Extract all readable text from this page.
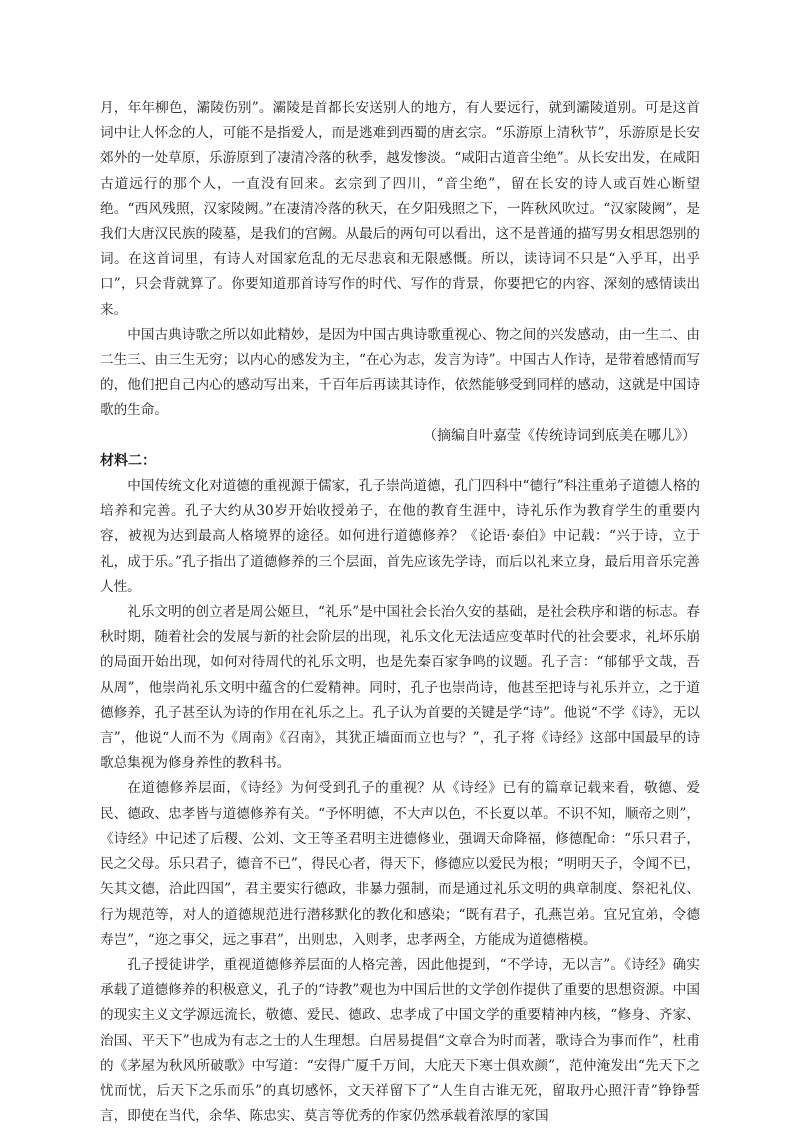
月，年年柳色，灞陵伤别”。灞陵是首都长安送别人的地方，有人要远行，就到灞陵道别。可是这首词中让人怀念的人，可能不是指爱人，而是逃难到西蜀的唐玄宗。“乐游原上清秋节”，乐游原是长安郊外的一处草原，乐游原到了凄清冷落的秋季，越发惨淡。“咸阳古道音尘绝”。从长安出发，在咸阳古道远行的那个人，一直没有回来。玄宗到了四川，“音尘绝”，留在长安的诗人或百姓心断望绝。“西风残照，汉家陵阙。”在凄清冷落的秋天，在夕阳残照之下，一阵秋风吹过。“汉家陵阙”，是我们大唐汉民族的陵墓，是我们的宫阙。从最后的两句可以看出，这不是普通的描写男女相思怨别的词。在这首词里，有诗人对国家危乱的无尽悲哀和无限感慨。所以，读诗词不只是“入乎耳，出乎口”，只会背就算了。你要知道那首诗写作的时代、写作的背景，你要把它的内容、深刻的感情读出来。

中国古典诗歌之所以如此精妙，是因为中国古典诗歌重视心、物之间的兴发感动，由一生二、由二生三、由三生无穷；以内心的感发为主，“在心为志，发言为诗”。中国古人作诗，是带着感情而写的，他们把自己内心的感动写出来，千百年后再读其诗作，依然能够受到同样的感动，这就是中国诗歌的生命。

（摘编自叶嘉莹《传统诗词到底美在哪儿》）

材料二：

中国传统文化对道德的重视源于儒家，孔子崇尚道德，孔门四科中“德行”科注重弟子道德人格的培养和完善。孔子大约从30岁开始收授弟子，在他的教育生涯中，诗礼乐作为教育学生的重要内容，被视为达到最高人格境界的途径。如何进行道德修养？《论语·泰伯》中记载：“兴于诗，立于礼，成于乐。”孔子指出了道德修养的三个层面，首先应该先学诗，而后以礼来立身，最后用音乐完善人性。

礼乐文明的创立者是周公姬旦，“礼乐”是中国社会长治久安的基础，是社会秩序和谐的标志。春秋时期，随着社会的发展与新的社会阶层的出现，礼乐文化无法适应变革时代的社会要求，礼坏乐崩的局面开始出现，如何对待周代的礼乐文明，也是先秦百家争鸣的议题。孔子言：“郁郁乎文哉，吾从周”，他崇尚礼乐文明中蕴含的仁爱精神。同时，孔子也崇尚诗，他甚至把诗与礼乐并立，之于道德修养，孔子甚至认为诗的作用在礼乐之上。孔子认为首要的关键是学“诗”。他说“不学《诗》，无以言”，他说“人而不为《周南》《召南》，其犹正墙面而立也与？”，孔子将《诗经》这部中国最早的诗歌总集视为修身养性的教科书。

在道德修养层面，《诗经》为何受到孔子的重视？从《诗经》已有的篇章记载来看，敬德、爱民、德政、忠孝皆与道德修养有关。“予怀明德，不大声以色，不长夏以革。不识不知，顺帝之则”，《诗经》中记述了后稷、公刘、文王等圣君明主进德修业，强调天命降福，修德配命：“乐只君子，民之父母。乐只君子，德音不已”，得民心者，得天下，修德应以爱民为根；“明明天子，令闻不已，矢其文德，洽此四国”，君主要实行德政，非暴力强制，而是通过礼乐文明的典章制度、祭祀礼仪、行为规范等，对人的道德规范进行潜移默化的教化和感染；“既有君子，孔燕岂弟。宜兄宜弟，令德寿岂”，“迩之事父，远之事君”，出则忠，入则孝，忠孝两全，方能成为道德楷模。

孔子授徒讲学，重视道德修养层面的人格完善，因此他提到，“不学诗，无以言”。《诗经》确实承载了道德修养的积极意义，孔子的“诗教”观也为中国后世的文学创作提供了重要的思想资源。中国的现实主义文学源远流长，敬德、爱民、德政、忠孝成了中国文学的重要精神内核，“修身、齐家、治国、平天下”也成为有志之士的人生理想。白居易提倡“文章合为时而著，歌诗合为事而作”，杜甫的《茅屋为秋风所破歌》中写道：“安得广厦千万间，大庇天下寒士俱欢颜”，范仲淹发出“先天下之忧而忧，后天下之乐而乐”的真切感怀，文天祥留下了“人生自古谁无死，留取丹心照汗青”铮铮誓言，即使在当代，余华、陈忠实、莫言等优秀的作家仍然承载着浓厚的家国
